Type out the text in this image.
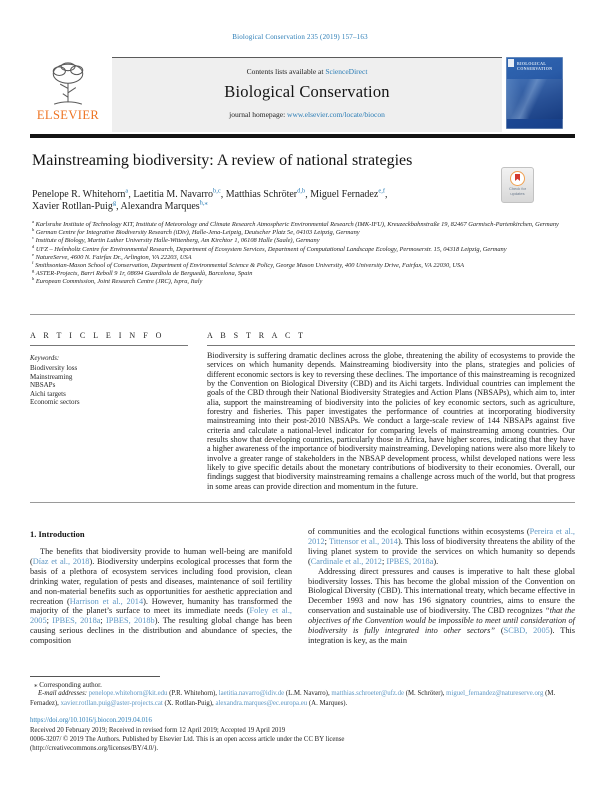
Biological Conservation 235 (2019) 157–163
ELSEVIER
Contents lists available at ScienceDirect
Biological Conservation
journal homepage: www.elsevier.com/locate/biocon
BIOLOGICAL CONSERVATION
Mainstreaming biodiversity: A review of national strategies
Penelope R. Whitehorn$^a$, Laetitia M. Navarro$^{b,c}$, Matthias Schröter$^{d,b}$, Miguel Fernadez$^{e,f}$,
Xavier Rotllan-Puig$^g$, Alexandra Marques$^{h,⁎}$
Check for updates
$^a$ Karlsruhe Institute of Technology KIT, Institute of Meteorology and Climate Research Atmospheric Environmental Research (IMK-IFU), Kreuzeckbahnstraße 19, 82467 Garmisch-Partenkirchen, Germany
$^b$ German Centre for Integrative Biodiversity Research (iDiv), Halle-Jena-Leipzig, Deutscher Platz 5e, 04103 Leipzig, Germany
$^c$ Institute of Biology, Martin Luther University Halle-Wittenberg, Am Kirchtor 1, 06108 Halle (Saale), Germany
$^d$ UFZ – Helmholtz Centre for Environmental Research, Department of Ecosystem Services, Department of Computational Landscape Ecology, Permoserstr. 15, 04318 Leipzig, Germany
$^e$ NatureServe, 4600 N. Fairfax Dr., Arlington, VA 22203, USA
$^f$ Smithsonian-Mason School of Conservation, Department of Environmental Science & Policy, George Mason University, 400 University Drive, Fairfax, VA 22030, USA
$^g$ ASTER-Projects, Barri Reboll 9 1r, 08694 Guardiola de Berguedà, Barcelona, Spain
$^h$ European Commission, Joint Research Centre (JRC), Ispra, Italy
A R T I C L E I N F O
Keywords:
Biodiversity loss
Mainstreaming
NBSAPs
Aichi targets
Economic sectors
A B S T R A C T
Biodiversity is suffering dramatic declines across the globe, threatening the ability of ecosystems to provide the services on which humanity depends. Mainstreaming biodiversity into the plans, strategies and policies of different economic sectors is key to reversing these declines. The importance of this mainstreaming is recognized by the Convention on Biological Diversity (CBD) and its Aichi targets. Individual countries can implement the goals of the CBD through their National Biodiversity Strategies and Action Plans (NBSAPs), which aim to, inter alia, support the mainstreaming of biodiversity into the policies of key economic sectors, such as agriculture, forestry and fisheries. This paper investigates the performance of countries at incorporating biodiversity mainstreaming into their post-2010 NBSAPs. We conduct a large-scale review of 144 NBSAPs against five criteria and calculate a national-level indicator for comparing levels of mainstreaming among countries. Our results show that developing countries, particularly those in Africa, have higher scores, indicating that they have a higher awareness of the importance of biodiversity mainstreaming. Developing nations were also more likely to involve a greater range of stakeholders in the NBSAP development process, whilst developed nations were less likely to give specific details about the monetary contributions of biodiversity to their economies. Overall, our findings suggest that biodiversity mainstreaming remains a challenge across much of the world, but that progress in some areas can provide direction and momentum in the future.
1. Introduction

The benefits that biodiversity provide to human well-being are manifold (Díaz et al., 2018). Biodiversity underpins ecological processes that form the basis of a plethora of ecosystem services including food provision, clean drinking water, regulation of pests and diseases, maintenance of soil fertility and non-material benefits such as opportunities for aesthetic appreciation and recreation (Harrison et al., 2014). However, humanity has transformed the majority of the planet’s surface to meet its immediate needs (Foley et al., 2005; IPBES, 2018a; IPBES, 2018b). The resulting global change has been causing serious declines in the distribution and abundance of species, the composition

of communities and the ecological functions within ecosystems (Pereira et al., 2012; Tittensor et al., 2014). This loss of biodiversity threatens the ability of the living planet system to provide the services on which humanity so depends (Cardinale et al., 2012; IPBES, 2018a).

Addressing direct pressures and causes is imperative to halt these global biodiversity losses. This has become the global mission of the Convention on Biological Diversity (CBD). This international treaty, which became effective in December 1993 and now has 196 signatory countries, aims to ensure the conservation and sustainable use of biodiversity. The CBD recognizes “that the objectives of the Convention would be impossible to meet until consideration of biodiversity is fully integrated into other sectors” (SCBD, 2005). This integration is key, as the main

⁎ Corresponding author.
E-mail addresses: penelope.whitehorn@kit.edu (P.R. Whitehorn), laetitia.navarro@idiv.de (L.M. Navarro), matthias.schroeter@ufz.de (M. Schröter), miguel_fernandez@natureserve.org (M. Fernadez), xavier.rotllan.puig@aster-projects.cat (X. Rotllan-Puig), alexandra.marques@ec.europa.eu (A. Marques).
https://doi.org/10.1016/j.biocon.2019.04.016
Received 20 February 2019; Received in revised form 12 April 2019; Accepted 19 April 2019
0006-3207/ © 2019 The Authors. Published by Elsevier Ltd. This is an open access article under the CC BY license
(http://creativecommons.org/licenses/BY/4.0/).
